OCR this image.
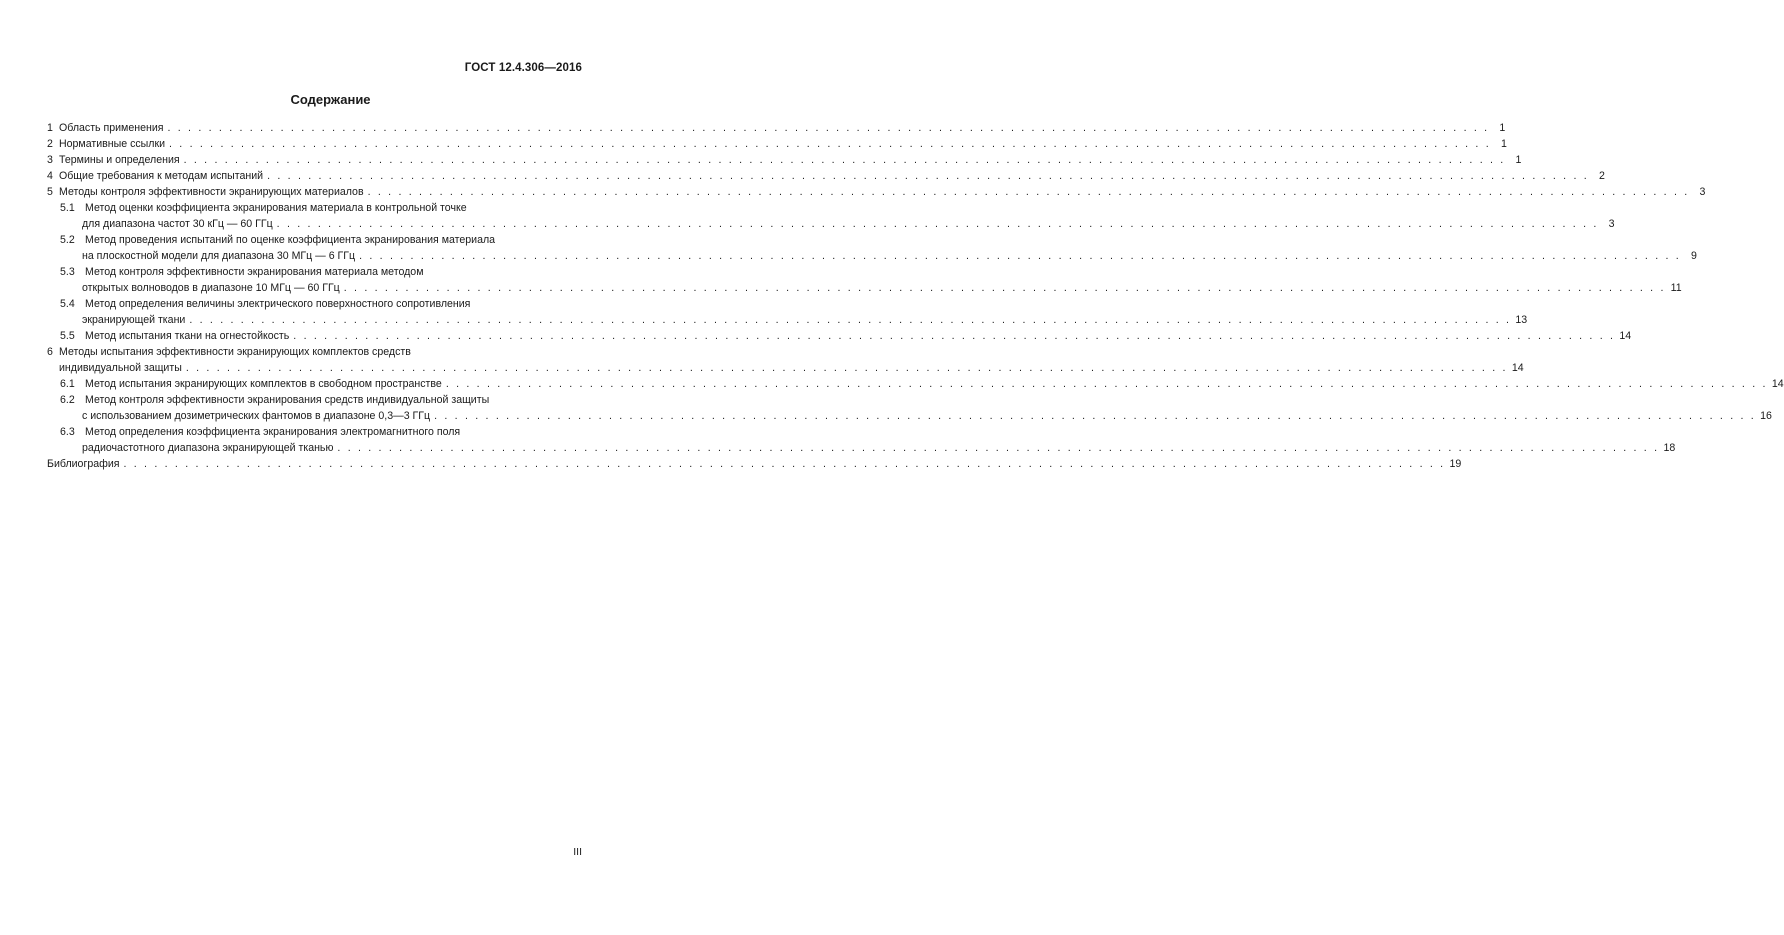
ГОСТ 12.4.306—2016
Содержание
1 Область применения . . .	1
2 Нормативные ссылки . . .	1
3 Термины и определения . . .	1
4 Общие требования к методам испытаний . . .	2
5 Методы контроля эффективности экранирующих материалов . . .	3
5.1 Метод оценки коэффициента экранирования материала в контрольной точке
для диапазона частот 30 кГц — 60 ГГц . . .	3
5.2 Метод проведения испытаний по оценке коэффициента экранирования материала
на плоскостной модели для диапазона 30 МГц — 6 ГГц . . .	9
5.3 Метод контроля эффективности экранирования материала методом
открытых волноводов в диапазоне 10 МГц — 60 ГГц . . .	11
5.4 Метод определения величины электрического поверхностного сопротивления
экранирующей ткани . . .	13
5.5 Метод испытания ткани на огнестойкость . . .	14
6 Методы испытания эффективности экранирующих комплектов средств
индивидуальной защиты . . .	14
6.1 Метод испытания экранирующих комплектов в свободном пространстве . . .	14
6.2 Метод контроля эффективности экранирования средств индивидуальной защиты
с использованием дозиметрических фантомов в диапазоне 0,3—3 ГГц . . .	16
6.3 Метод определения коэффициента экранирования электромагнитного поля
радиочастотного диапазона экранирующей тканью . . .	18
Библиография . . .	19
III
